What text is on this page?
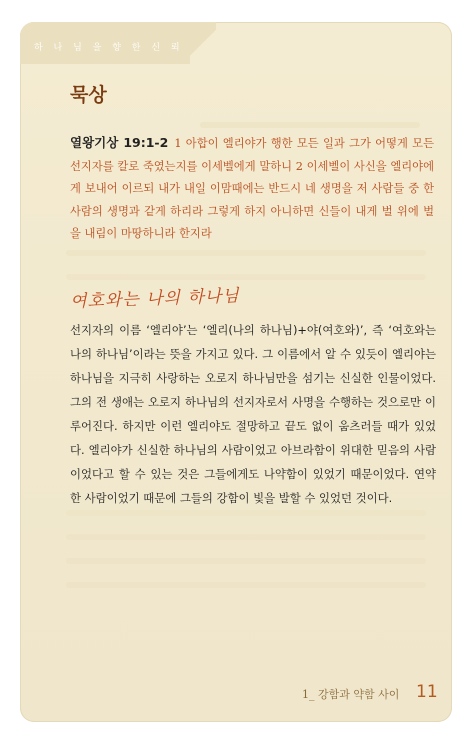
하 나 님 을 향 한 신 뢰
묵상
열왕기상 19:1-2 1 아합이 엘리야가 행한 모든 일과 그가 어떻게 모든 선지자를 칼로 죽였는지를 이세벨에게 말하니 2 이세벨이 사신을 엘리야에게 보내어 이르되 내가 내일 이맘때에는 반드시 네 생명을 저 사람들 중 한 사람의 생명과 같게 하리라 그렇게 하지 아니하면 신들이 내게 벌 위에 벌을 내림이 마땅하니라 한지라
여호와는 나의 하나님

선지자의 이름 ‘엘리야’는 ‘엘리(나의 하나님)+야(여호와)’, 즉 ‘여호와는 나의 하나님’이라는 뜻을 가지고 있다. 그 이름에서 알 수 있듯이 엘리야는 하나님을 지극히 사랑하는 오로지 하나님만을 섬기는 신실한 인물이었다. 그의 전 생애는 오로지 하나님의 선지자로서 사명을 수행하는 것으로만 이루어진다. 하지만 이런 엘리야도 절망하고 끝도 없이 움츠러들 때가 있었다. 엘리야가 신실한 하나님의 사람이었고 아브라함이 위대한 믿음의 사람이었다고 할 수 있는 것은 그들에게도 나약함이 있었기 때문이었다. 연약한 사람이었기 때문에 그들의 강함이 빛을 발할 수 있었던 것이다.

1_ 강함과 약함 사이 11
